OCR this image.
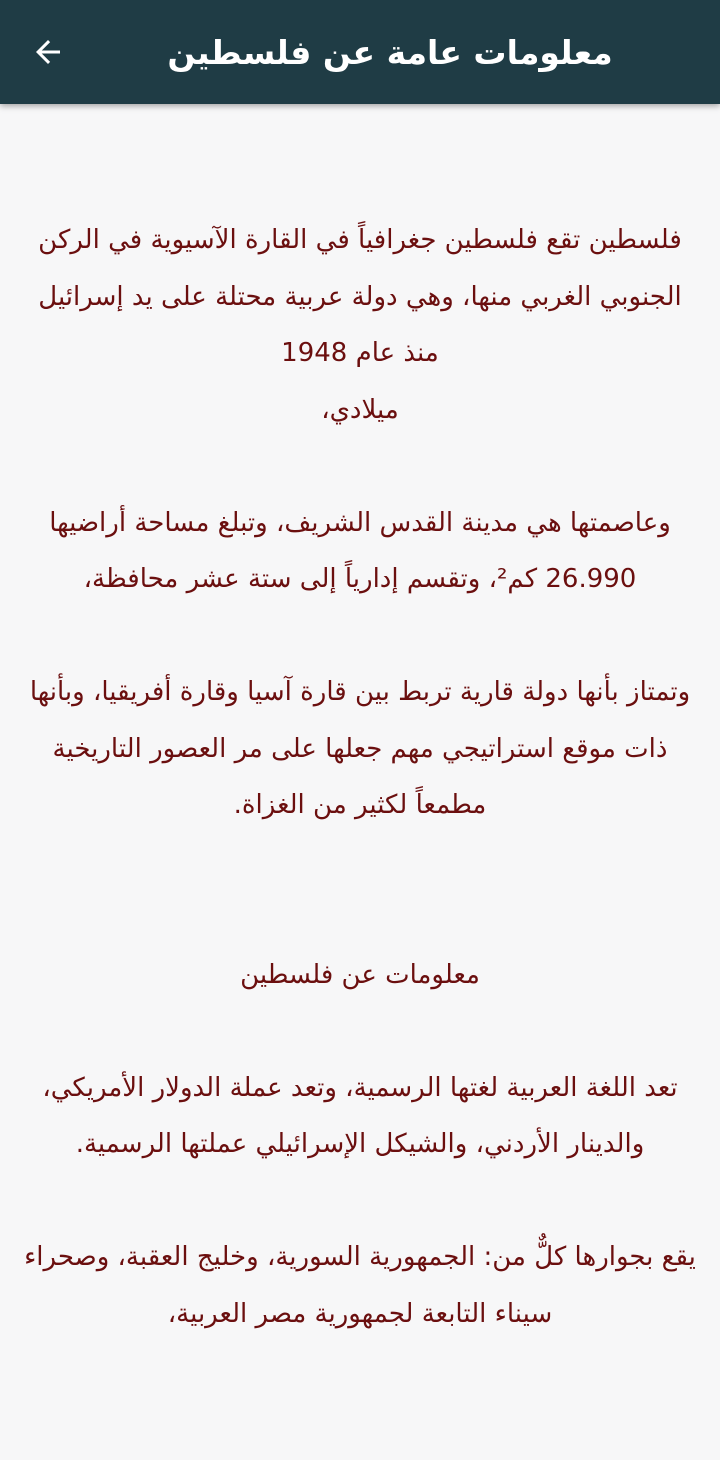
معلومات عامة عن فلسطين

فلسطين تقع فلسطين جغرافياً في القارة الآسيوية في الركن الجنوبي الغربي منها، وهي دولة عربية محتلة على يد إسرائيل منذ عام 1948
ميلادي،

وعاصمتها هي مدينة القدس الشريف، وتبلغ مساحة أراضيها 26.990 كم²، وتقسم إدارياً إلى ستة عشر محافظة،

وتمتاز بأنها دولة قارية تربط بين قارة آسيا وقارة أفريقيا، وبأنها ذات موقع استراتيجي مهم جعلها على مر العصور التاريخية مطمعاً لكثير من الغزاة.

معلومات عن فلسطين

تعد اللغة العربية لغتها الرسمية، وتعد عملة الدولار الأمريكي، والدينار الأردني، والشيكل الإسرائيلي عملتها الرسمية.

يقع بجوارها كلٌّ من: الجمهورية السورية، وخليج العقبة، وصحراء سيناء التابعة لجمهورية مصر العربية،
